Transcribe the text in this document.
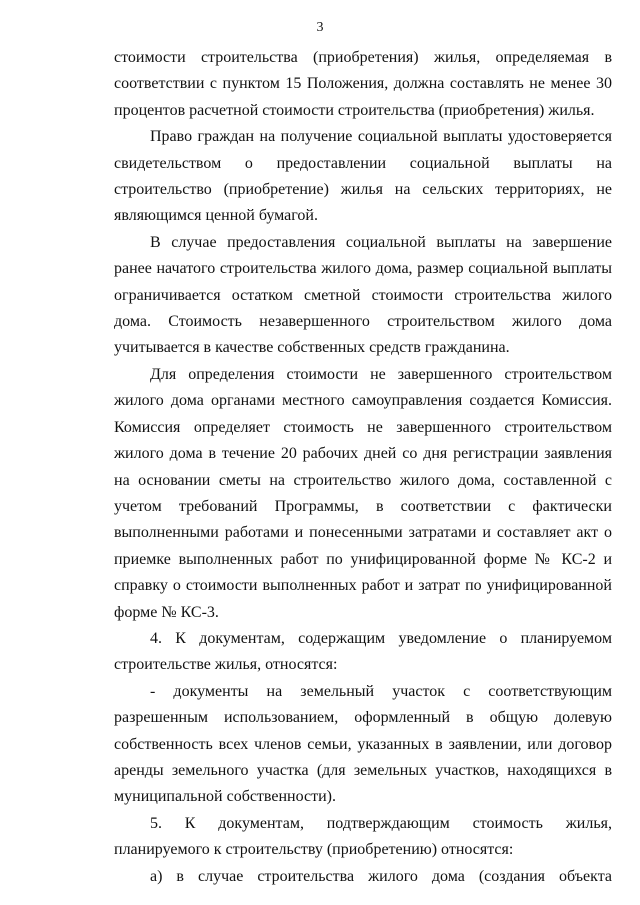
3

стоимости строительства (приобретения) жилья, определяемая в соответствии с пунктом 15 Положения, должна составлять не менее 30 процентов расчетной стоимости строительства (приобретения) жилья.

Право граждан на получение социальной выплаты удостоверяется свидетельством о предоставлении социальной выплаты на строительство (приобретение) жилья на сельских территориях, не являющимся ценной бумагой.

В случае предоставления социальной выплаты на завершение ранее начатого строительства жилого дома, размер социальной выплаты ограничивается остатком сметной стоимости строительства жилого дома. Стоимость незавершенного строительством жилого дома учитывается в качестве собственных средств гражданина.

Для определения стоимости не завершенного строительством жилого дома органами местного самоуправления создается Комиссия. Комиссия определяет стоимость не завершенного строительством жилого дома в течение 20 рабочих дней со дня регистрации заявления на основании сметы на строительство жилого дома, составленной с учетом требований Программы, в соответствии с фактически выполненными работами и понесенными затратами и составляет акт о приемке выполненных работ по унифицированной форме № КС-2 и справку о стоимости выполненных работ и затрат по унифицированной форме № КС-3.

4. К документам, содержащим уведомление о планируемом строительстве жилья, относятся:

- документы на земельный участок с соответствующим разрешенным использованием, оформленный в общую долевую собственность всех членов семьи, указанных в заявлении, или договор аренды земельного участка (для земельных участков, находящихся в муниципальной собственности).

5. К документам, подтверждающим стоимость жилья, планируемого к строительству (приобретению) относятся:

а) в случае строительства жилого дома (создания объекта
